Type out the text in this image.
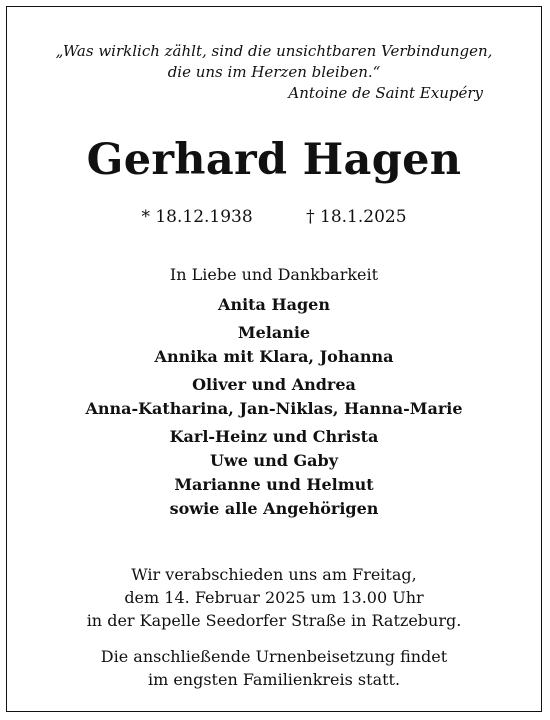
„Was wirklich zählt, sind die unsichtbaren Verbindungen,
die uns im Herzen bleiben.“
Antoine de Saint Exupéry
Gerhard Hagen
* 18.12.1938	† 18.1.2025
In Liebe und Dankbarkeit
Anita Hagen
Melanie
Annika mit Klara, Johanna
Oliver und Andrea
Anna-Katharina, Jan-Niklas, Hanna-Marie
Karl-Heinz und Christa
Uwe und Gaby
Marianne und Helmut
sowie alle Angehörigen
Wir verabschieden uns am Freitag,
dem 14. Februar 2025 um 13.00 Uhr
in der Kapelle Seedorfer Straße in Ratzeburg.
Die anschließende Urnenbeisetzung findet
im engsten Familienkreis statt.
